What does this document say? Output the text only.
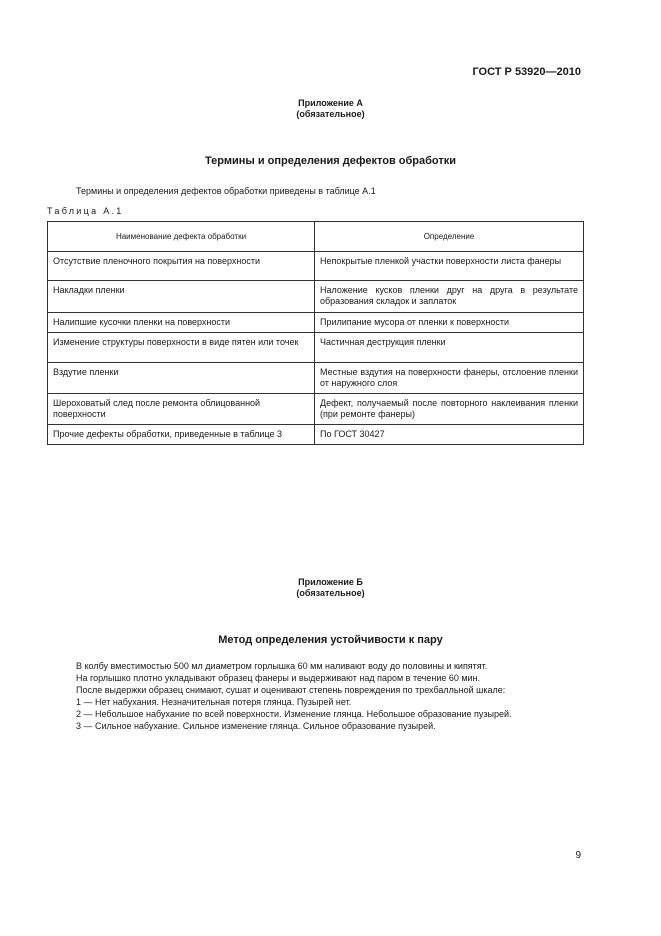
ГОСТ Р 53920—2010
Приложение А
(обязательное)
Термины и определения дефектов обработки
Термины и определения дефектов обработки приведены в таблице А.1
Таблица А.1
Наименование дефекта обработки	Определение
Отсутствие пленочного покрытия на поверхности	Непокрытые пленкой участки поверхности листа фанеры
Накладки пленки	Наложение кусков пленки друг на друга в результате образования складок и заплаток
Налипшие кусочки пленки на поверхности	Прилипание мусора от пленки к поверхности
Изменение структуры поверхности в виде пятен или точек	Частичная деструкция пленки
Вздутие пленки	Местные вздутия на поверхности фанеры, отслоение пленки от наружного слоя
Шероховатый след после ремонта облицованной поверхности	Дефект, получаемый после повторного наклеивания пленки (при ремонте фанеры)
Прочие дефекты обработки, приведенные в таблице 3	По ГОСТ 30427
Приложение Б
(обязательное)
Метод определения устойчивости к пару
В колбу вместимостью 500 мл диаметром горлышка 60 мм наливают воду до половины и кипятят.
На горлышко плотно укладывают образец фанеры и выдерживают над паром в течение 60 мин.
После выдержки образец снимают, сушат и оценивают степень повреждения по трехбалльной шкале:
1 — Нет набухания. Незначительная потеря глянца. Пузырей нет.
2 — Небольшое набухание по всей поверхности. Изменение глянца. Небольшое образование пузырей.
3 — Сильное набухание. Сильное изменение глянца. Сильное образование пузырей.
9
